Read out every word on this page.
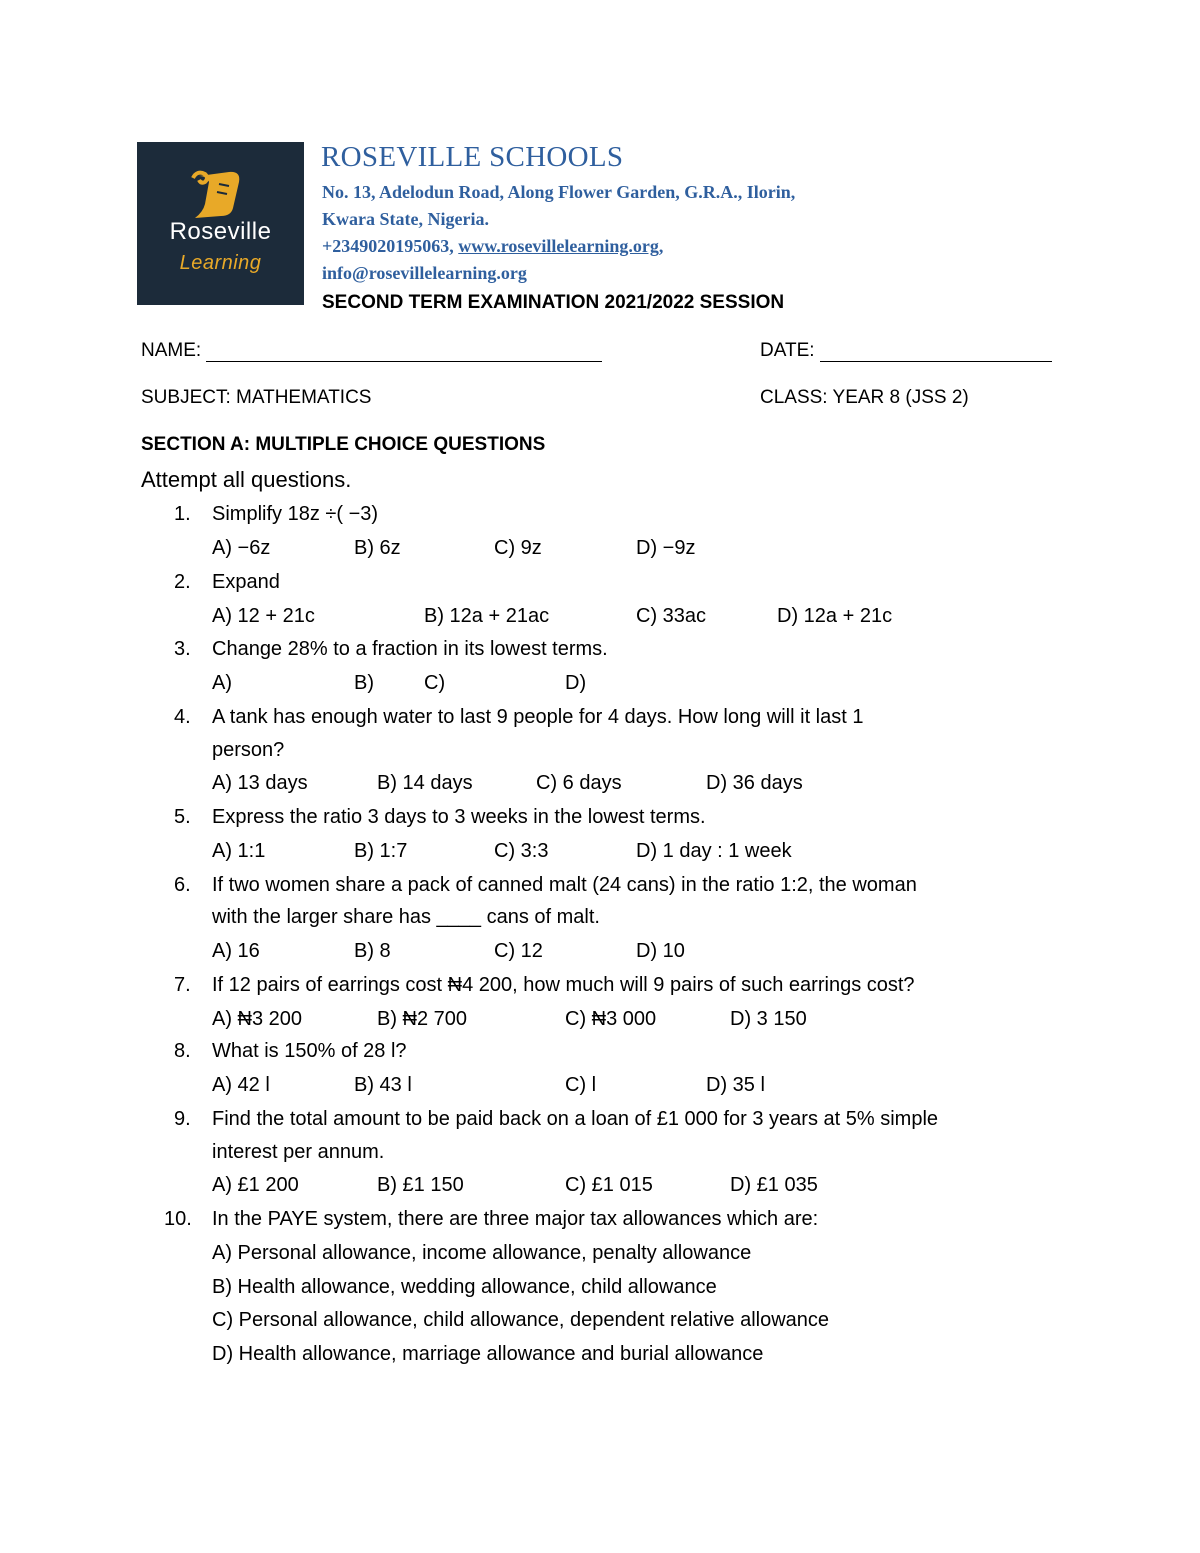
Roseville
Learning
ROSEVILLE SCHOOLS
No. 13, Adelodun Road, Along Flower Garden, G.R.A., Ilorin,
Kwara State, Nigeria.
+2349020195063, www.rosevillelearning.org,
info@rosevillelearning.org
SECOND TERM EXAMINATION 2021/2022 SESSION
NAME:	DATE:
SUBJECT: MATHEMATICS	CLASS: YEAR 8 (JSS 2)
SECTION A: MULTIPLE CHOICE QUESTIONS
Attempt all questions.
1. Simplify 18z ÷( −3)
A) −6z	B) 6z	C) 9z	D) −9z
2. Expand
A) 12 + 21c	B) 12a + 21ac	C) 33ac	D) 12a + 21c
3. Change 28% to a fraction in its lowest terms.
A)	B)	C)	D)
4. A tank has enough water to last 9 people for 4 days. How long will it last 1
person?
A) 13 days	B) 14 days	C) 6 days	D) 36 days
5. Express the ratio 3 days to 3 weeks in the lowest terms.
A) 1:1	B) 1:7	C) 3:3	D) 1 day : 1 week
6. If two women share a pack of canned malt (24 cans) in the ratio 1:2, the woman
with the larger share has ____ cans of malt.
A) 16	B) 8	C) 12	D) 10
7. If 12 pairs of earrings cost ₦4 200, how much will 9 pairs of such earrings cost?
A) ₦3 200	B) ₦2 700	C) ₦3 000	D) 3 150
8. What is 150% of 28 l?
A) 42 l	B) 43 l	C) l	D) 35 l
9. Find the total amount to be paid back on a loan of £1 000 for 3 years at 5% simple
interest per annum.
A) £1 200	B) £1 150	C) £1 015	D) £1 035
10. In the PAYE system, there are three major tax allowances which are:
A) Personal allowance, income allowance, penalty allowance
B) Health allowance, wedding allowance, child allowance
C) Personal allowance, child allowance, dependent relative allowance
D) Health allowance, marriage allowance and burial allowance
